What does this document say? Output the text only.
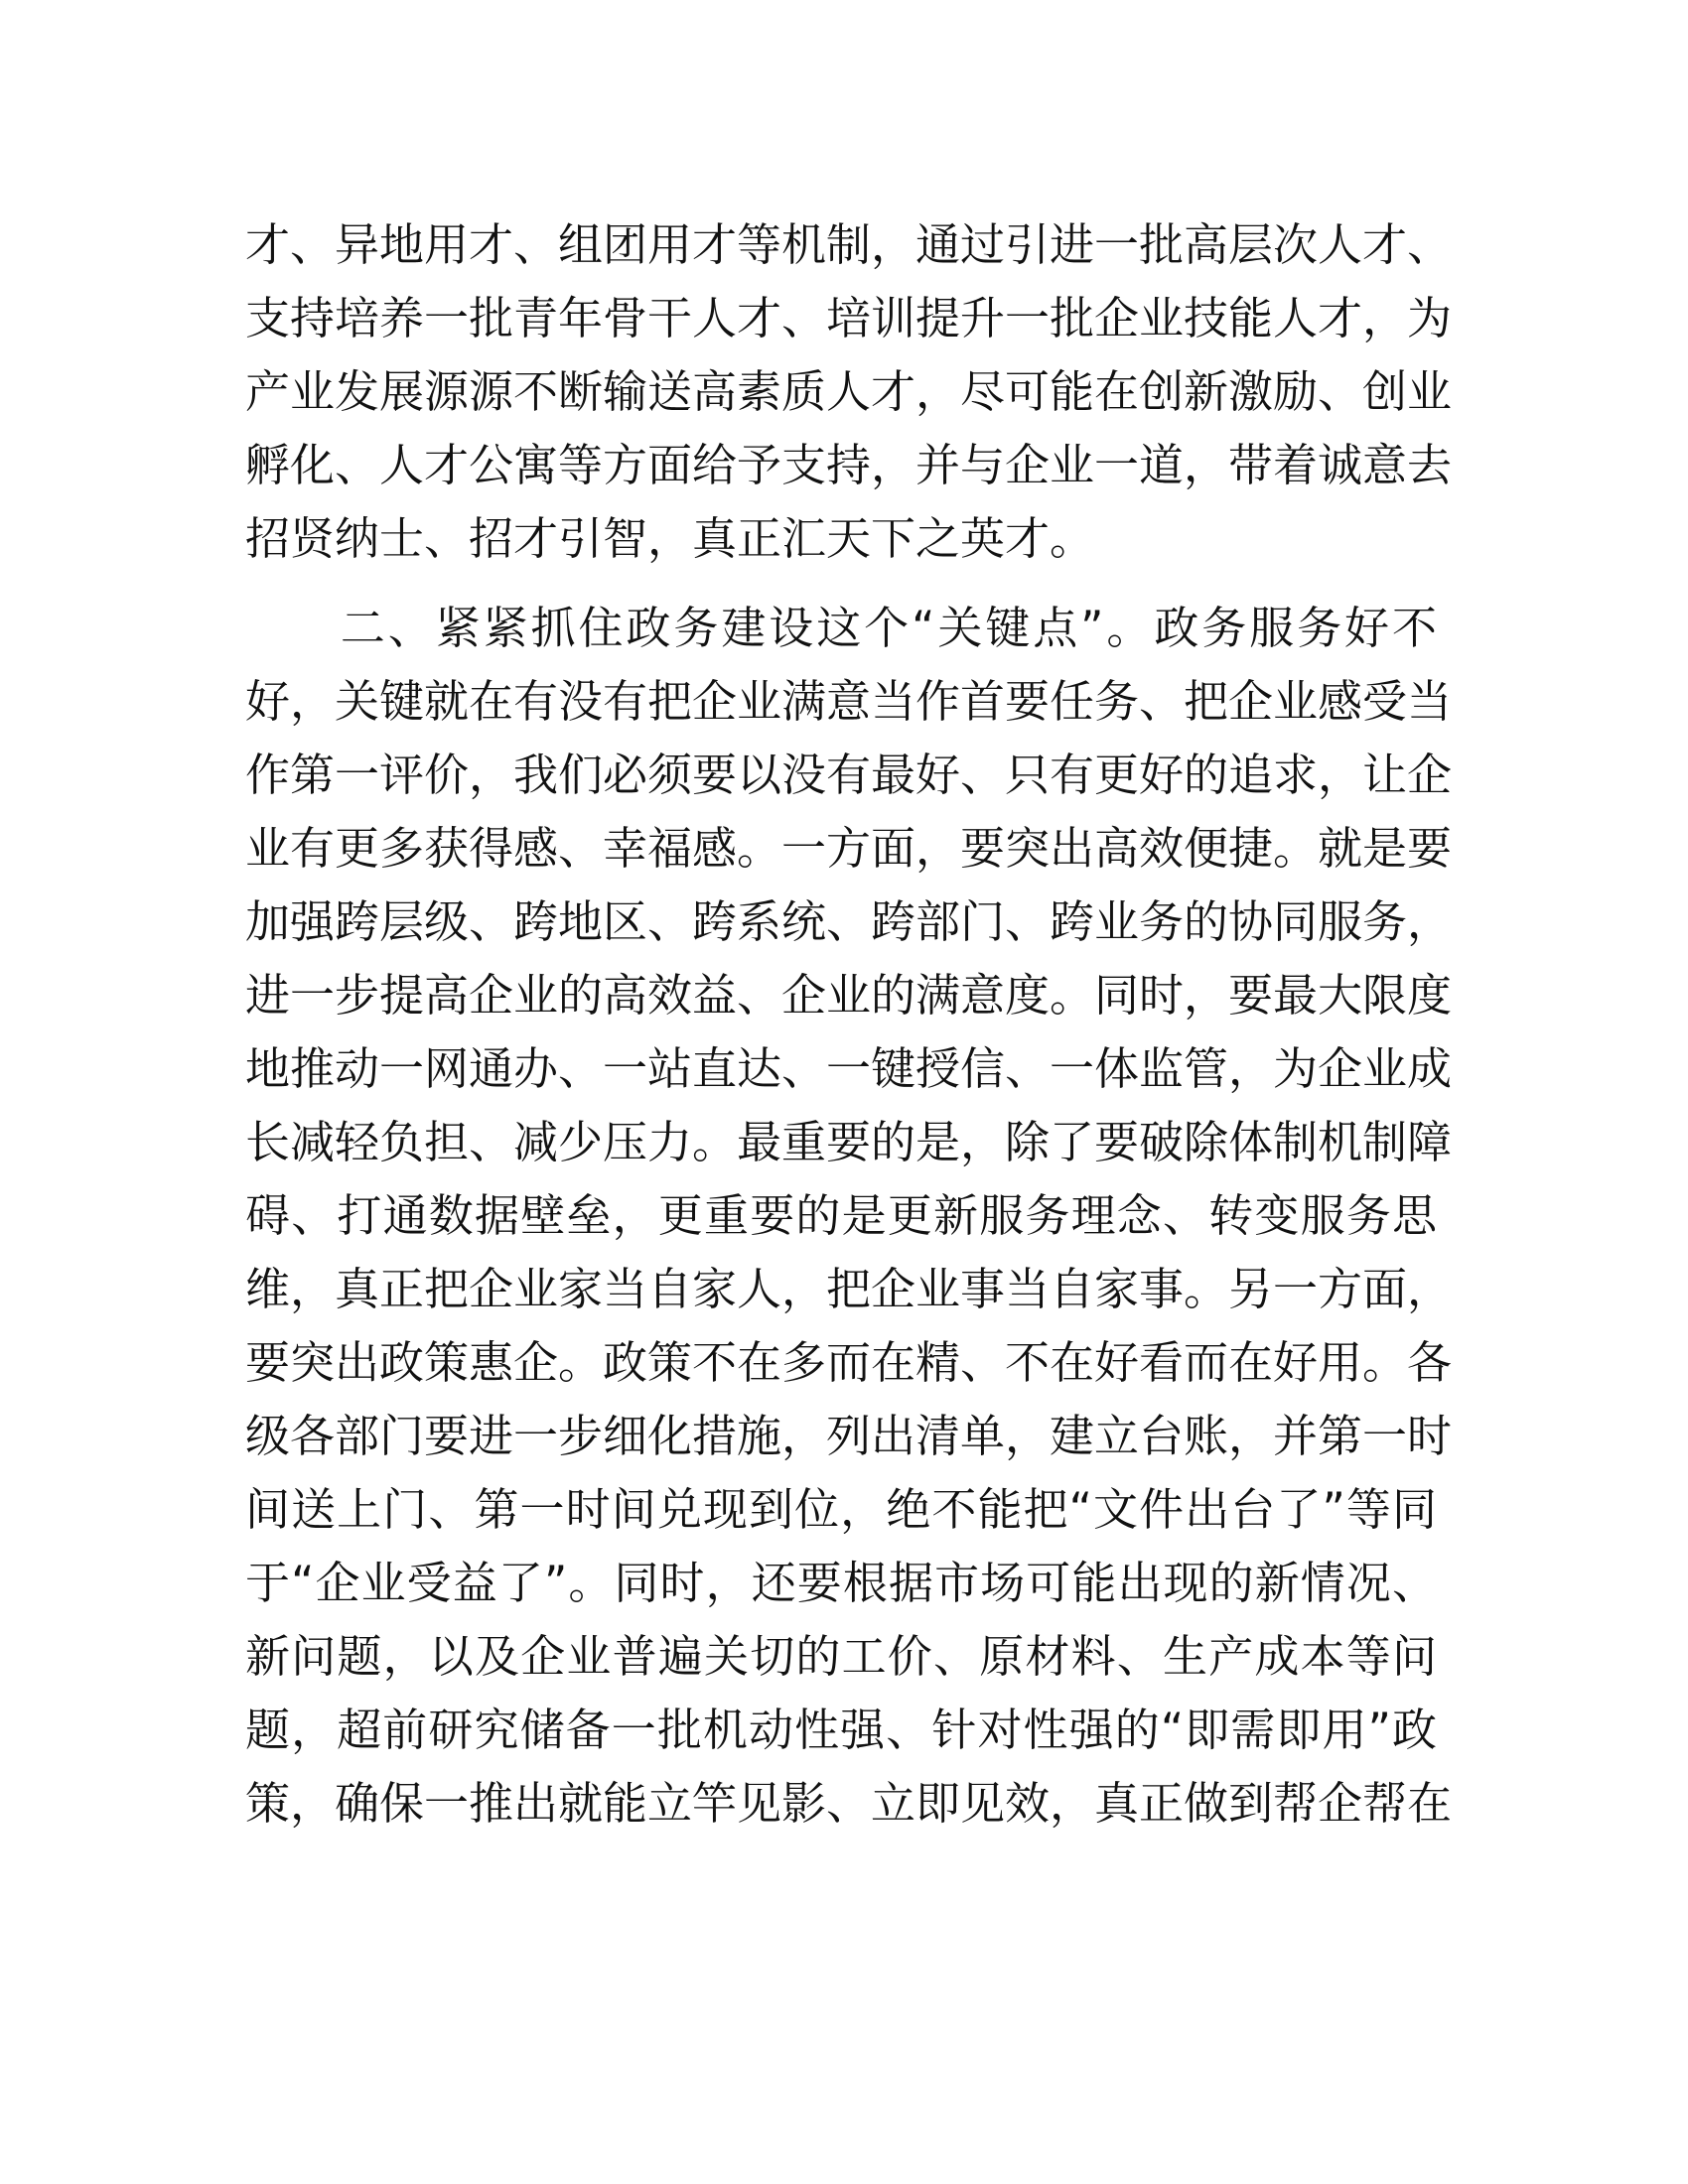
才、异地用才、组团用才等机制，通过引进一批高层次人才、
支持培养一批青年骨干人才、培训提升一批企业技能人才，为
产业发展源源不断输送高素质人才，尽可能在创新激励、创业
孵化、人才公寓等方面给予支持，并与企业一道，带着诚意去
招贤纳士、招才引智，真正汇天下之英才。
　　二、紧紧抓住政务建设这个“关键点”。政务服务好不
好，关键就在有没有把企业满意当作首要任务、把企业感受当
作第一评价，我们必须要以没有最好、只有更好的追求，让企
业有更多获得感、幸福感。一方面，要突出高效便捷。就是要
加强跨层级、跨地区、跨系统、跨部门、跨业务的协同服务，
进一步提高企业的高效益、企业的满意度。同时，要最大限度
地推动一网通办、一站直达、一键授信、一体监管，为企业成
长减轻负担、减少压力。最重要的是，除了要破除体制机制障
碍、打通数据壁垒，更重要的是更新服务理念、转变服务思
维，真正把企业家当自家人，把企业事当自家事。另一方面，
要突出政策惠企。政策不在多而在精、不在好看而在好用。各
级各部门要进一步细化措施，列出清单，建立台账，并第一时
间送上门、第一时间兑现到位，绝不能把“文件出台了”等同
于“企业受益了”。同时，还要根据市场可能出现的新情况、
新问题，以及企业普遍关切的工价、原材料、生产成本等问
题，超前研究储备一批机动性强、针对性强的“即需即用”政
策，确保一推出就能立竿见影、立即见效，真正做到帮企帮在
